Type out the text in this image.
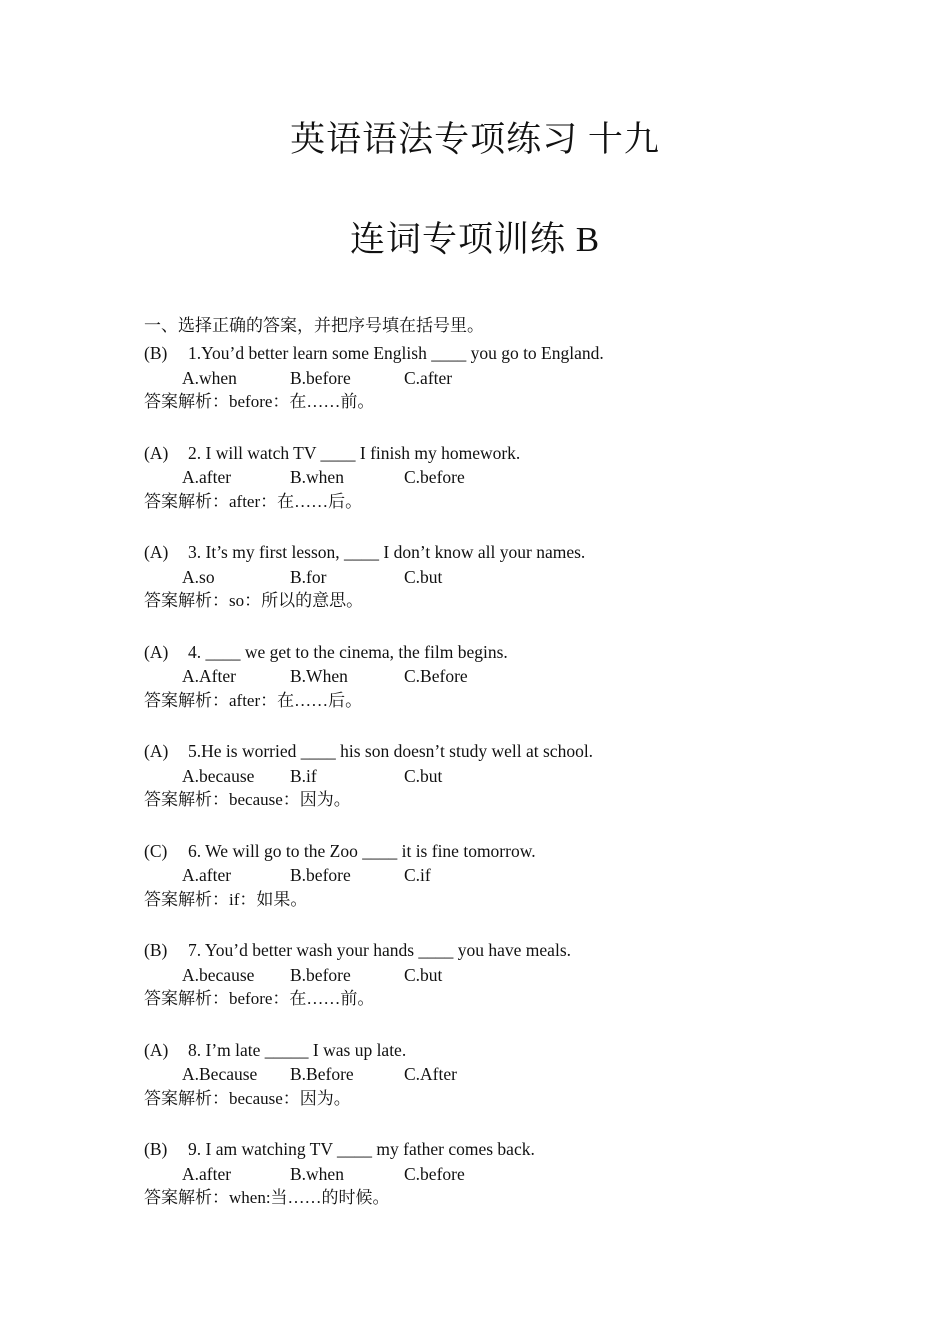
英语语法专项练习 十九
连词专项训练 B
一、选择正确的答案，并把序号填在括号里。
(B) 1.You’d better learn some English ____ you go to England.
A.when	B.before	C.after
答案解析：before：在……前。
(A) 2. I will watch TV ____ I finish my homework.
A.after	B.when	C.before
答案解析：after：在……后。
(A) 3. It’s my first lesson, ____ I don’t know all your names.
A.so	B.for	C.but
答案解析：so：所以的意思。
(A) 4. ____ we get to the cinema, the film begins.
A.After	B.When	C.Before
答案解析：after：在……后。
(A) 5.He is worried ____ his son doesn’t study well at school.
A.because B.if	C.but
答案解析：because：因为。
(C) 6. We will go to the Zoo ____ it is fine tomorrow.
A.after	B.before	C.if
答案解析：if：如果。
(B) 7. You’d better wash your hands ____ you have meals.
A.because B.before	C.but
答案解析：before：在……前。
(A) 8. I’m late _____ I was up late.
A.Because B.Before	C.After
答案解析：because：因为。
(B) 9. I am watching TV ____ my father comes back.
A.after	B.when	C.before
答案解析：when:当……的时候。
